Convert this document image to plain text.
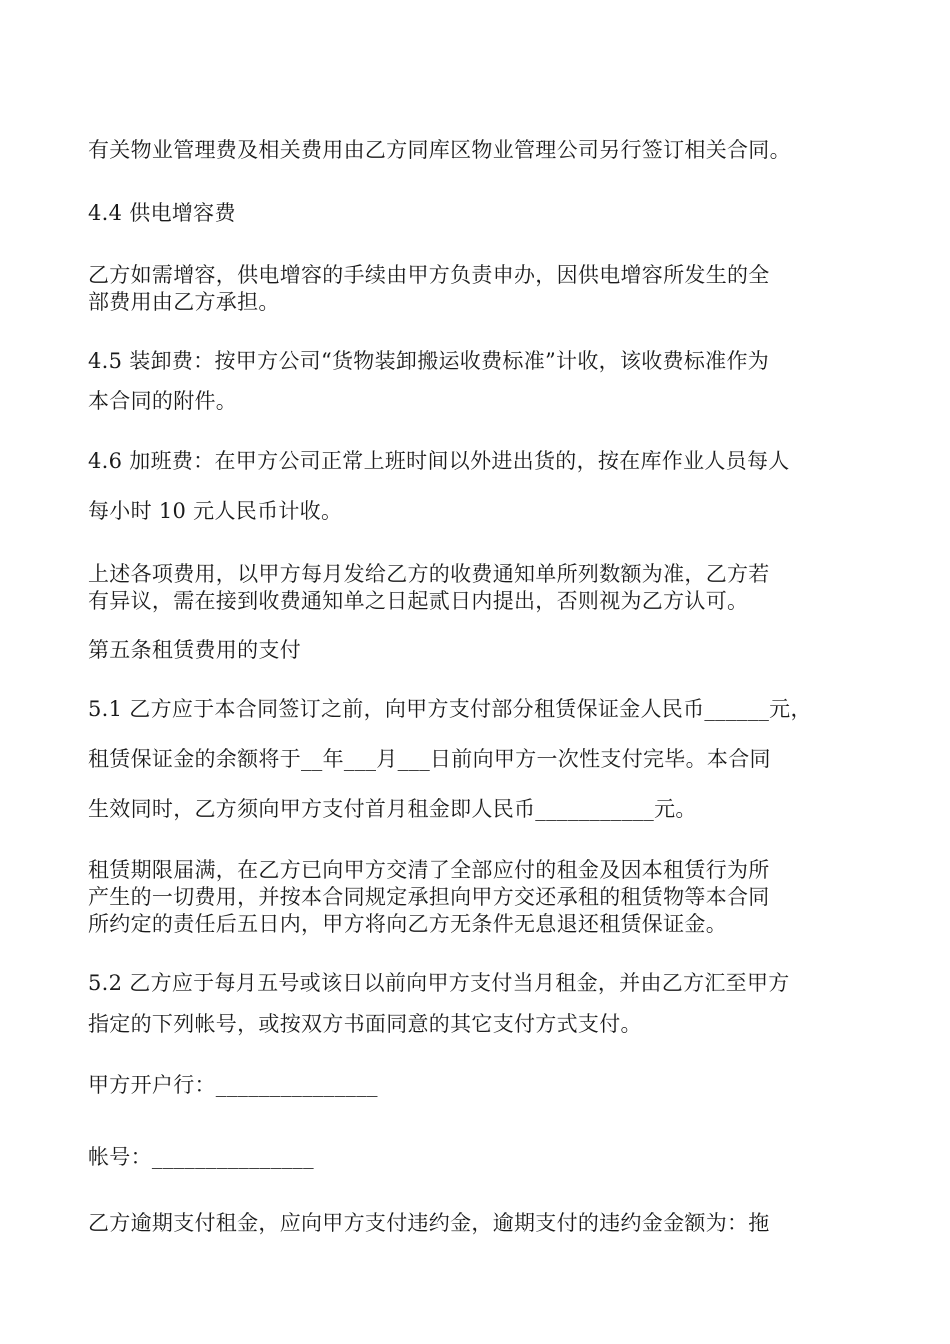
有关物业管理费及相关费用由乙方同库区物业管理公司另行签订相关合同。
4.4 供电增容费
乙方如需增容，供电增容的手续由甲方负责申办，因供电增容所发生的全
部费用由乙方承担。
4.5 装卸费：按甲方公司“货物装卸搬运收费标准”计收，该收费标准作为
本合同的附件。
4.6 加班费：在甲方公司正常上班时间以外进出货的，按在库作业人员每人
每小时 10 元人民币计收。
上述各项费用，以甲方每月发给乙方的收费通知单所列数额为准，乙方若
有异议，需在接到收费通知单之日起贰日内提出，否则视为乙方认可。
第五条租赁费用的支付
5.1 乙方应于本合同签订之前，向甲方支付部分租赁保证金人民币______元，
租赁保证金的余额将于__年___月___日前向甲方一次性支付完毕。本合同
生效同时，乙方须向甲方支付首月租金即人民币___________元。
租赁期限届满，在乙方已向甲方交清了全部应付的租金及因本租赁行为所
产生的一切费用，并按本合同规定承担向甲方交还承租的租赁物等本合同
所约定的责任后五日内，甲方将向乙方无条件无息退还租赁保证金。
5.2 乙方应于每月五号或该日以前向甲方支付当月租金，并由乙方汇至甲方
指定的下列帐号，或按双方书面同意的其它支付方式支付。
甲方开户行：_______________
帐号：_______________
乙方逾期支付租金，应向甲方支付违约金，逾期支付的违约金金额为：拖
